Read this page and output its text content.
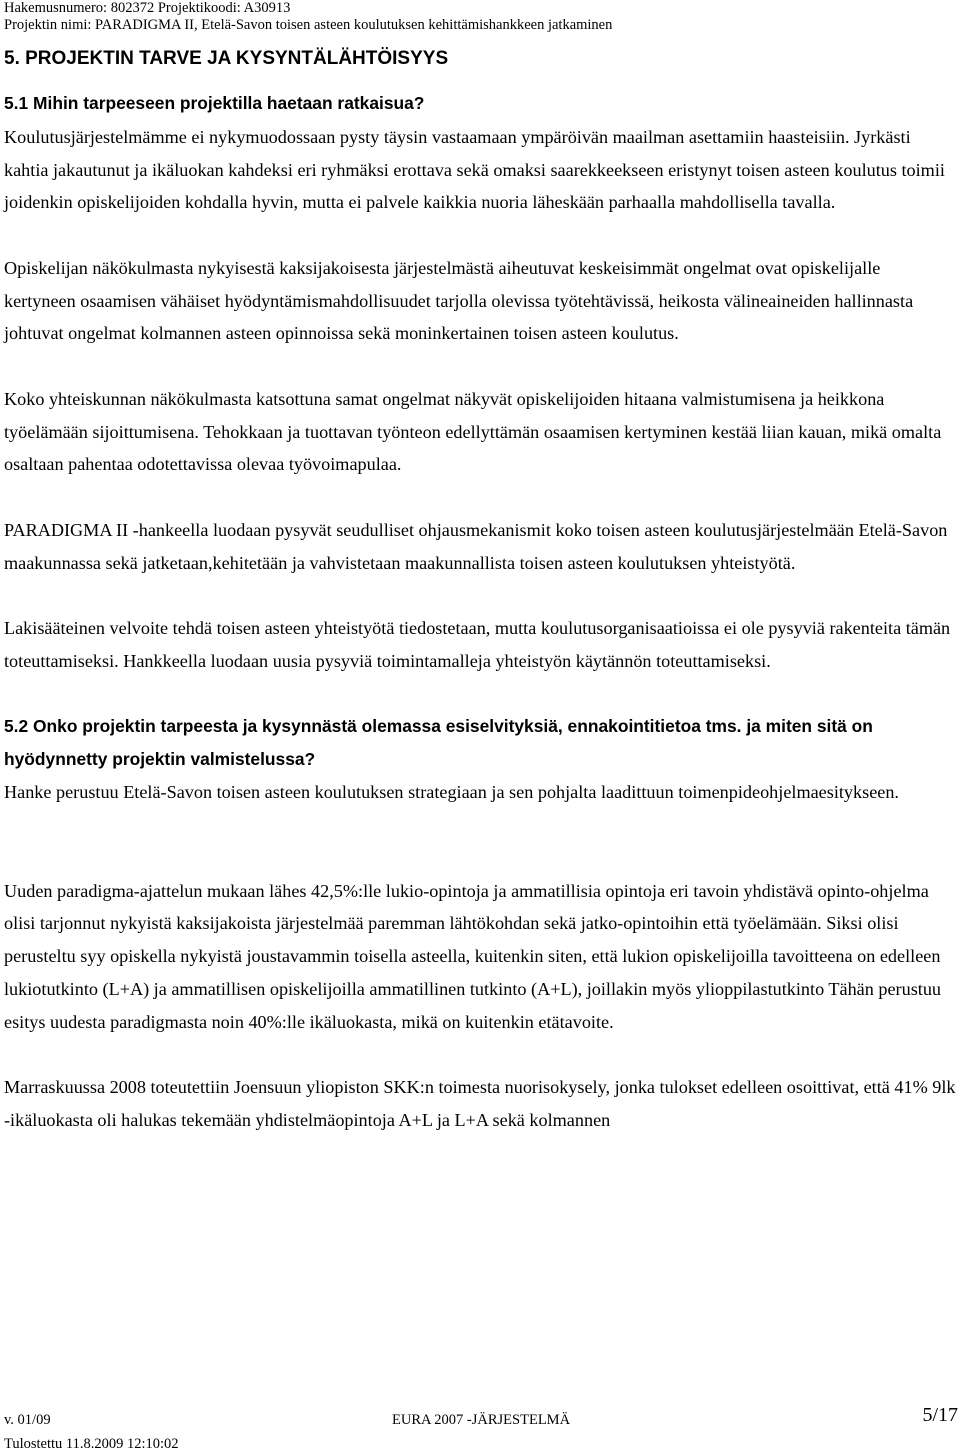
Hakemusnumero: 802372 Projektikoodi: A30913
Projektin nimi: PARADIGMA II, Etelä-Savon toisen asteen koulutuksen kehittämishankkeen jatkaminen
5. PROJEKTIN TARVE JA KYSYNTÄLÄHTÖISYYS

5.1 Mihin tarpeeseen projektilla haetaan ratkaisua?

Koulutusjärjestelmämme ei nykymuodossaan pysty täysin vastaamaan ympäröivän maailman asettamiin haasteisiin. Jyrkästi kahtia jakautunut ja ikäluokan kahdeksi eri ryhmäksi erottava sekä omaksi saarekkeekseen eristynyt toisen asteen koulutus toimii joidenkin opiskelijoiden kohdalla hyvin, mutta ei palvele kaikkia nuoria läheskään parhaalla mahdollisella tavalla.

Opiskelijan näkökulmasta nykyisestä kaksijakoisesta järjestelmästä aiheutuvat keskeisimmät ongelmat ovat opiskelijalle kertyneen osaamisen vähäiset hyödyntämismahdollisuudet tarjolla olevissa työtehtävissä, heikosta välineaineiden hallinnasta johtuvat ongelmat kolmannen asteen opinnoissa sekä moninkertainen toisen asteen koulutus.

Koko yhteiskunnan näkökulmasta katsottuna samat ongelmat näkyvät opiskelijoiden hitaana valmistumisena ja heikkona työelämään sijoittumisena. Tehokkaan ja tuottavan työnteon edellyttämän osaamisen kertyminen kestää liian kauan, mikä omalta osaltaan pahentaa odotettavissa olevaa työvoimapulaa.

PARADIGMA II -hankeella luodaan pysyvät seudulliset ohjausmekanismit koko toisen asteen koulutusjärjestelmään Etelä-Savon maakunnassa sekä jatketaan,kehitetään ja vahvistetaan maakunnallista toisen asteen koulutuksen yhteistyötä.

Lakisääteinen velvoite tehdä toisen asteen yhteistyötä tiedostetaan, mutta koulutusorganisaatioissa ei ole pysyviä rakenteita tämän toteuttamiseksi. Hankkeella luodaan uusia pysyviä toimintamalleja yhteistyön käytännön toteuttamiseksi.

5.2 Onko projektin tarpeesta ja kysynnästä olemassa esiselvityksiä, ennakointitietoa tms. ja miten sitä on hyödynnetty projektin valmistelussa?

Hanke perustuu Etelä-Savon toisen asteen koulutuksen strategiaan ja sen pohjalta laadittuun toimenpideohjelmaesitykseen.

Uuden paradigma-ajattelun mukaan lähes 42,5%:lle lukio-opintoja ja ammatillisia opintoja eri tavoin yhdistävä opinto-ohjelma olisi tarjonnut nykyistä kaksijakoista järjestelmää paremman lähtökohdan sekä jatko-opintoihin että työelämään. Siksi olisi perusteltu syy opiskella nykyistä joustavammin toisella asteella, kuitenkin siten, että lukion opiskelijoilla tavoitteena on edelleen lukiotutkinto (L+A) ja ammatillisen opiskelijoilla ammatillinen tutkinto (A+L), joillakin myös ylioppilastutkinto Tähän perustuu esitys uudesta paradigmasta noin 40%:lle ikäluokasta, mikä on kuitenkin etätavoite.

Marraskuussa 2008 toteutettiin Joensuun yliopiston SKK:n toimesta nuorisokysely, jonka tulokset edelleen osoittivat, että 41% 9lk -ikäluokasta oli halukas tekemään yhdistelmäopintoja A+L ja L+A sekä kolmannen

v. 01/09	EURA 2007 -JÄRJESTELMÄ	5/17
Tulostettu 11.8.2009 12:10:02
